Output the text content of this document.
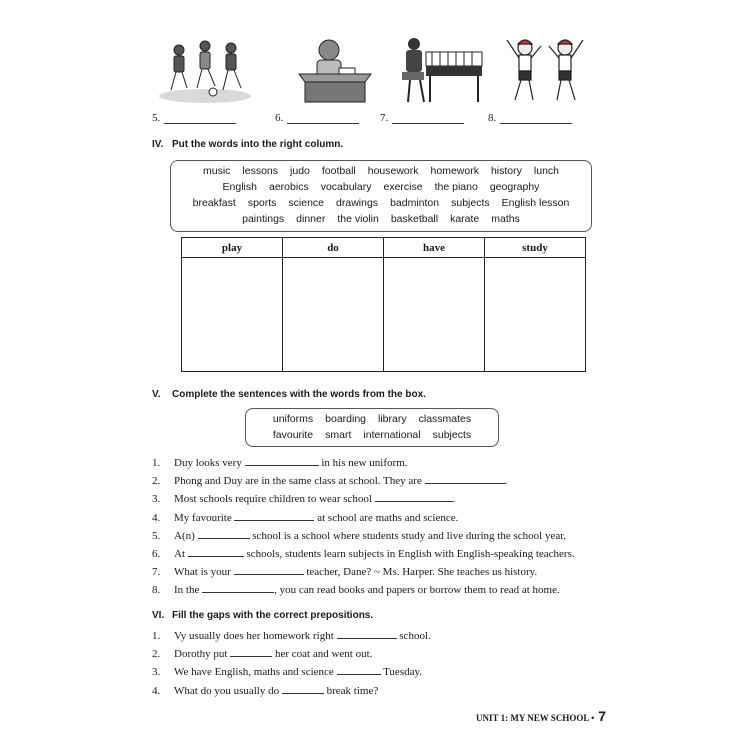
5.	6.	7.	8.
IV. Put the words into the right column.
music lessons judo football housework homework history lunch
English aerobics vocabulary exercise the piano geography
breakfast sports science drawings badminton subjects English lesson
paintings dinner the violin basketball karate maths
play	do	have	study

V. Complete the sentences with the words from the box.
uniforms boarding library classmates
favourite smart international subjects
1. Duy looks very	in his new uniform.
2. Phong and Duy are in the same class at school. They are	.
3. Most schools require children to wear school	.
4. My favourite	at school are maths and science.
5. A(n)	school is a school where students study and live during the school year.
6. At	schools, students learn subjects in English with English-speaking teachers.
7. What is your	teacher, Dane? ~ Ms. Harper. She teaches us history.
8. In the	, you can read books and papers or borrow them to read at home.
VI. Fill the gaps with the correct prepositions.
1. Vy usually does her homework right	school.
2. Dorothy put	her coat and went out.
3. We have English, maths and science	Tuesday.
4. What do you usually do	break time?
UNIT 1: MY NEW SCHOOL • 7
